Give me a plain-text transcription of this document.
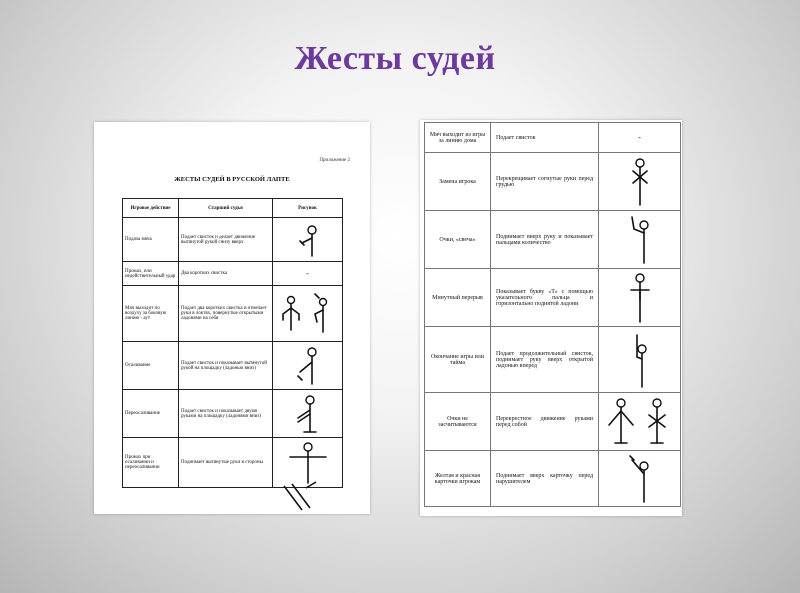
Жесты судей
Приложение 2
ЖЕСТЫ СУДЕЙ В РУССКОЙ ЛАПТЕ
Игровое действие	Старший судья	Рисунок
Подача мяча	Подает свисток и делает движение вытянутой рукой снизу вверх	

Промах, или недействительный удар	Два коротких свистка	-
Мяч выходит по воздуху за боковую линию - аут	Подает два коротких свистка и отмечает руки в локтях, повернутые открытыми ладонями на себя	

Осаливание	Подает свисток и показывает вытянутой рукой на площадку (ладонью вниз)	

Переосаливание	Подает свисток и показывает двумя руками на площадку (ладонями вниз)	

Промах при осаливании и переосаливании	Поднимает вытянутые руки в стороны	
Мяч выходит из игры за линию дома	Подает свисток	-
Замена игрока	Перекрещивает согнутые руки перед грудью	

Очки, «свеча»	Поднимает вверх руку и показывает пальцами количество	

Минутный перерыв	Показывает букву «Т» с помощью указательного пальца и горизонтально поднятой ладони	

Окончание игры или тайма	Подает продолжительный свисток, поднимает руку вверх открытой ладонью вперед	

Очки не засчитываются	Перекрестное движение руками перед собой	

Желтая и красная карточки игрокам	Поднимает вверх карточку перед нарушителем	
